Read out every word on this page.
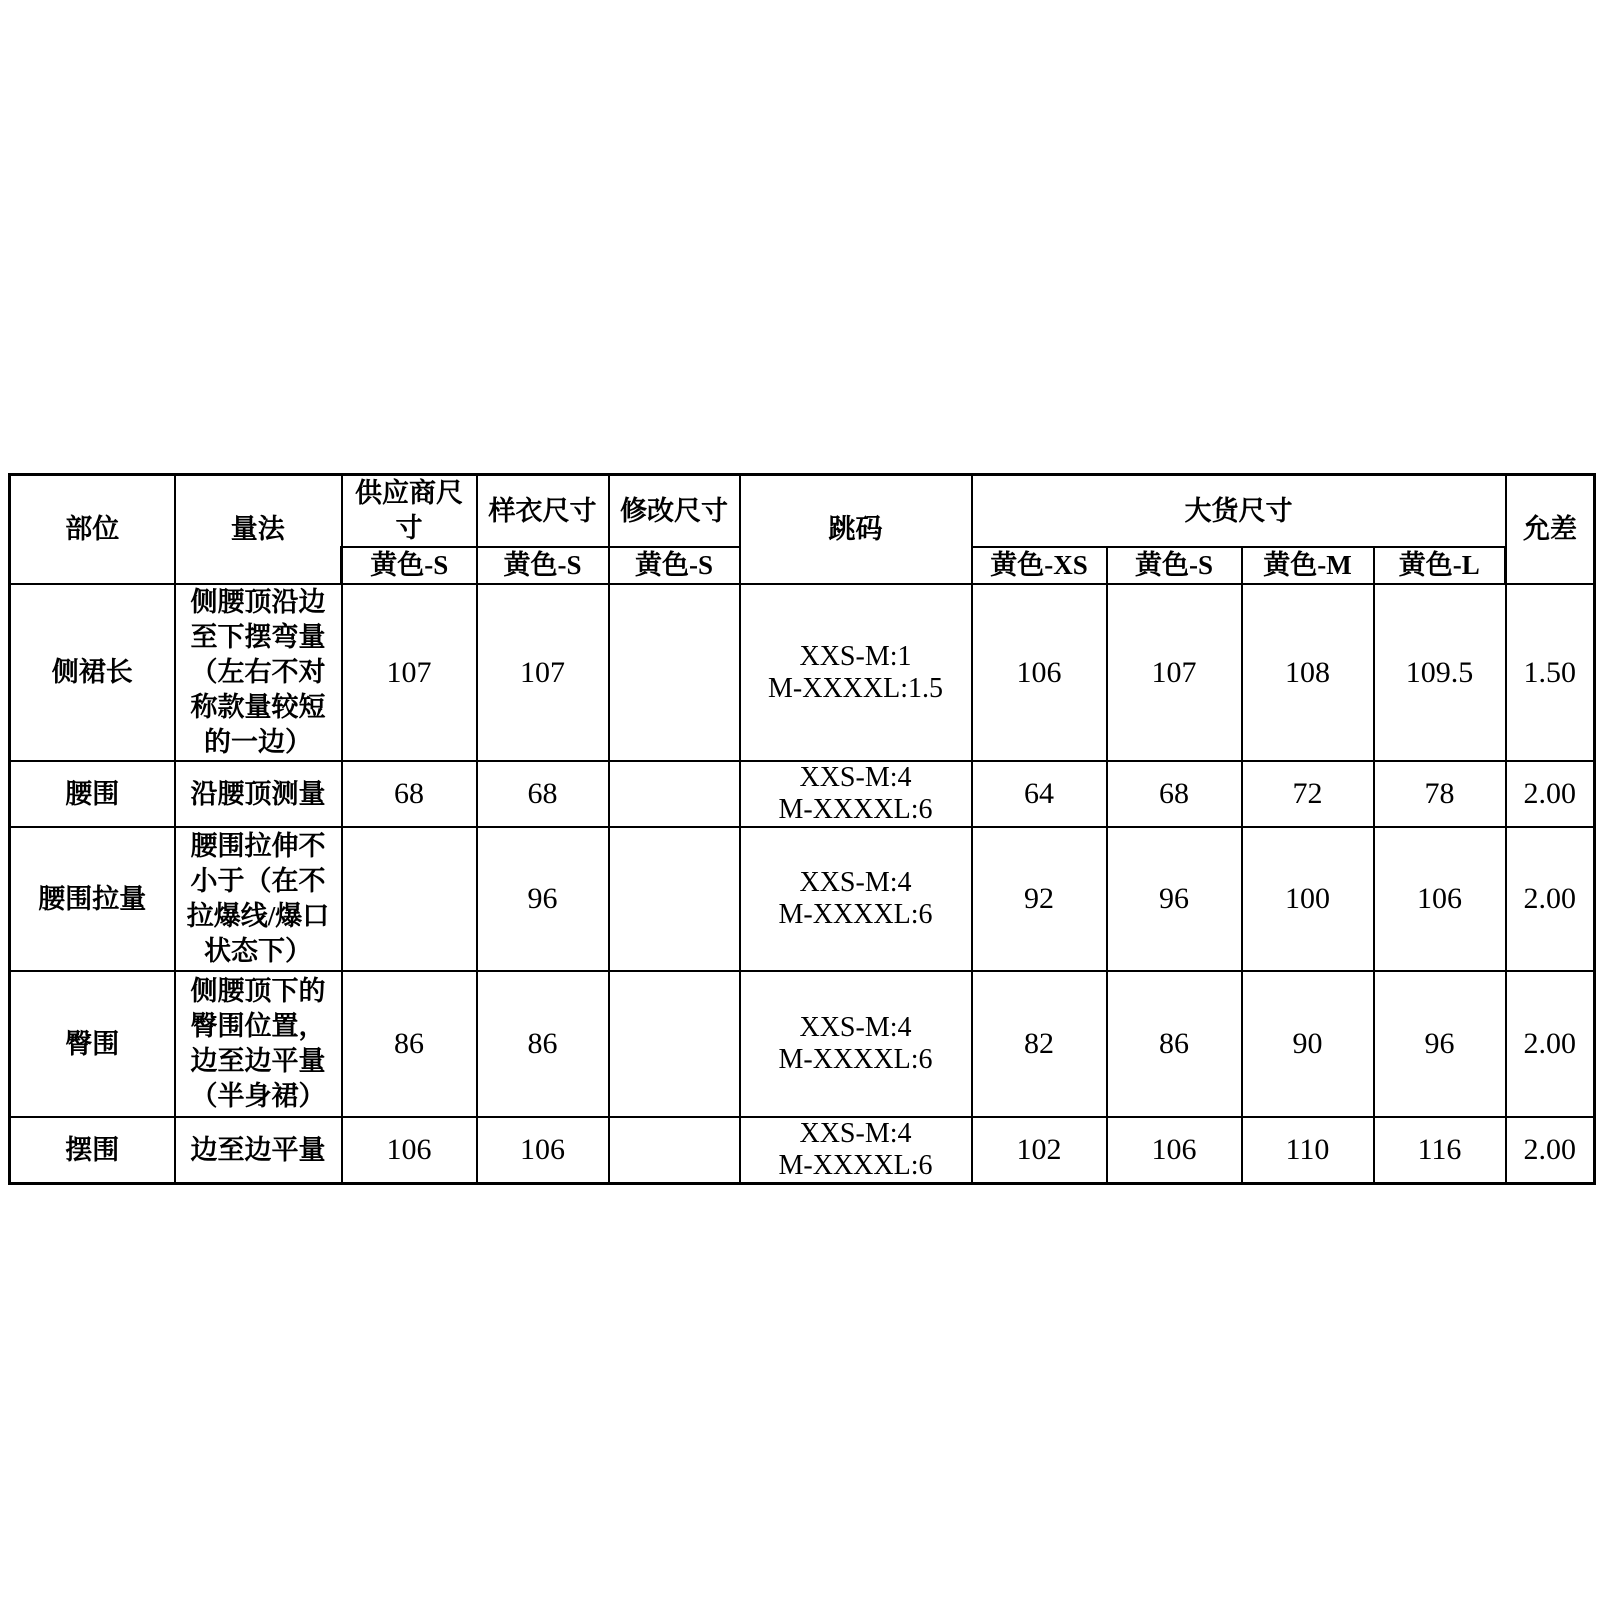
部位	量法	供应商尺寸	样衣尺寸	修改尺寸	跳码	大货尺寸				允差
		黄色-S	黄色-S	黄色-S		黄色-XS	黄色-S	黄色-M	黄色-L	
侧裙长	侧腰顶沿边至下摆弯量（左右不对称款量较短的一边）	107	107		XXS-M:1
M-XXXXL:1.5	106	107	108	109.5	1.50
腰围	沿腰顶测量	68	68		XXS-M:4
M-XXXXL:6	64	68	72	78	2.00
腰围拉量	腰围拉伸不小于（在不拉爆线/爆口状态下）		96		XXS-M:4
M-XXXXL:6	92	96	100	106	2.00
臀围	侧腰顶下的臀围位置，边至边平量（半身裙）	86	86		XXS-M:4
M-XXXXL:6	82	86	90	96	2.00
摆围	边至边平量	106	106		XXS-M:4
M-XXXXL:6	102	106	110	116	2.00
